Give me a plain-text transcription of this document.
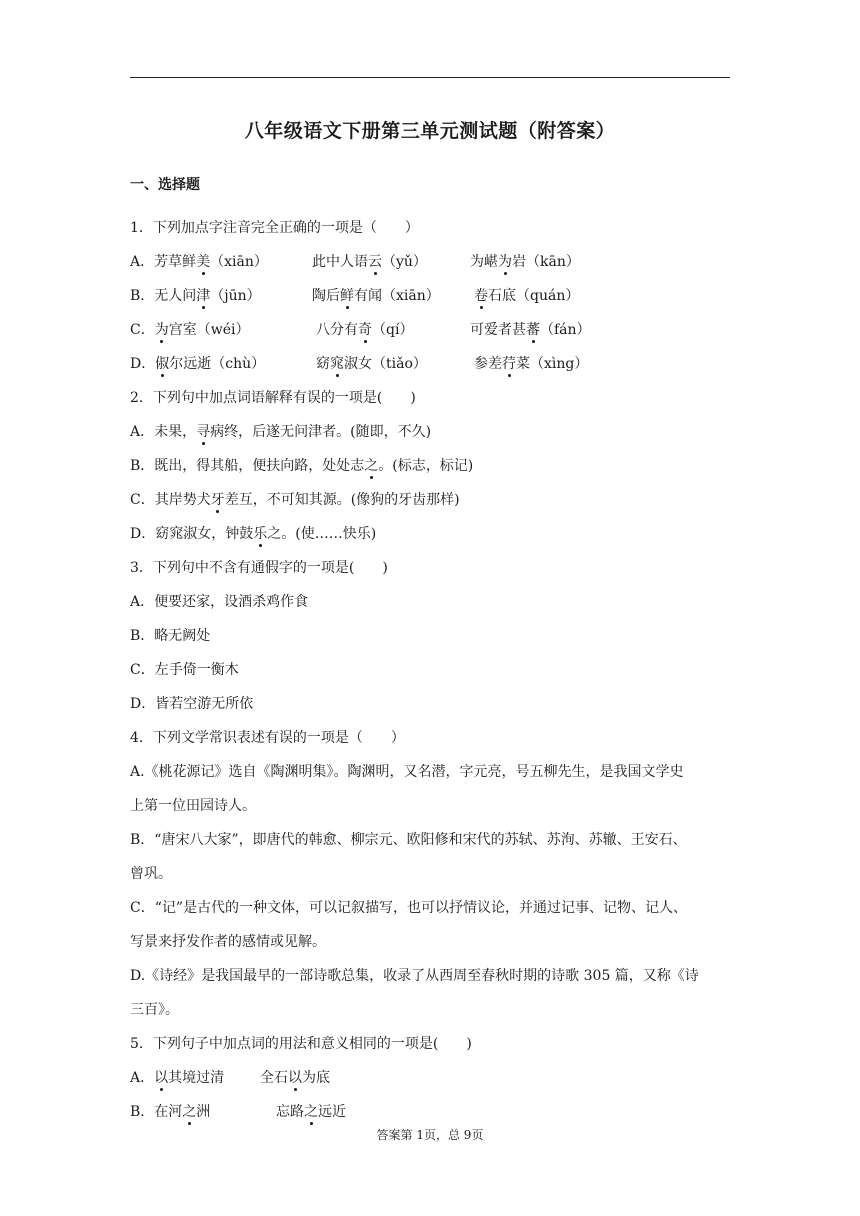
八年级语文下册第三单元测试题（附答案）
一、选择题
1．下列加点字注音完全正确的一项是（　　）
A．芳草鲜美（xiān）	此中人语云（yǔ）	为嵁为岩（kān）
B．无人问津（jūn）	陶后鲜有闻（xiān） 卷石底（quán）
C．为宫室（wéi）	八分有奇（qí）	可爱者甚蕃（fán）
D．俶尔远逝（chù）	窈窕淑女（tiǎo）	参差荇菜（xìng）
2．下列句中加点词语解释有误的一项是(　　)
A．未果，寻病终，后遂无问津者。(随即，不久)
B．既出，得其船，便扶向路，处处志之。(标志，标记)
C．其岸势犬牙差互，不可知其源。(像狗的牙齿那样)
D．窈窕淑女，钟鼓乐之。(使……快乐)
3．下列句中不含有通假字的一项是(　　)
A．便要还家，设酒杀鸡作食
B．略无阙处
C．左手倚一衡木
D．皆若空游无所依
4．下列文学常识表述有误的一项是（　　）
A.《桃花源记》选自《陶渊明集》。陶渊明，又名潜，字元亮，号五柳先生，是我国文学史
上第一位田园诗人。
B．“唐宋八大家”，即唐代的韩愈、柳宗元、欧阳修和宋代的苏轼、苏洵、苏辙、王安石、
曾巩。
C．“记”是古代的一种文体，可以记叙描写，也可以抒情议论，并通过记事、记物、记人、
写景来抒发作者的感情或见解。
D.《诗经》是我国最早的一部诗歌总集，收录了从西周至春秋时期的诗歌 305 篇，又称《诗
三百》。
5．下列句子中加点词的用法和意义相同的一项是(　　)
A．以其境过清	全石以为底
B．在河之洲	忘路之远近
答案第 1页，总 9页
